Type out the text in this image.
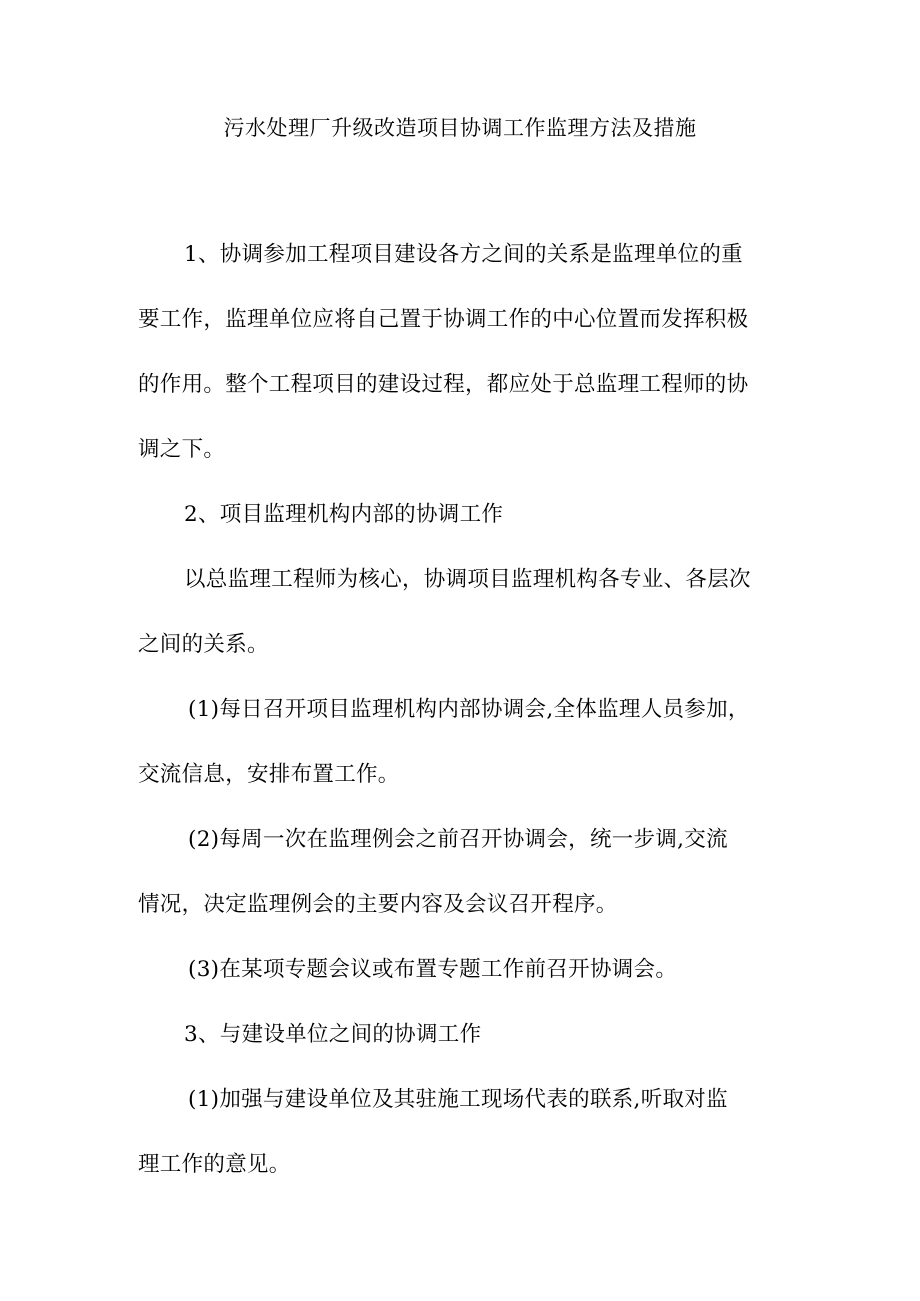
污水处理厂升级改造项目协调工作监理方法及措施
1、协调参加工程项目建设各方之间的关系是监理单位的重
要工作，监理单位应将自己置于协调工作的中心位置而发挥积极
的作用。整个工程项目的建设过程，都应处于总监理工程师的协
调之下。
2、项目监理机构内部的协调工作
以总监理工程师为核心，协调项目监理机构各专业、各层次
之间的关系。
(1)每日召开项目监理机构内部协调会,全体监理人员参加，
交流信息，安排布置工作。
(2)每周一次在监理例会之前召开协调会，统一步调,交流
情况，决定监理例会的主要内容及会议召开程序。
(3)在某项专题会议或布置专题工作前召开协调会。
3、与建设单位之间的协调工作
(1)加强与建设单位及其驻施工现场代表的联系,听取对监
理工作的意见。
